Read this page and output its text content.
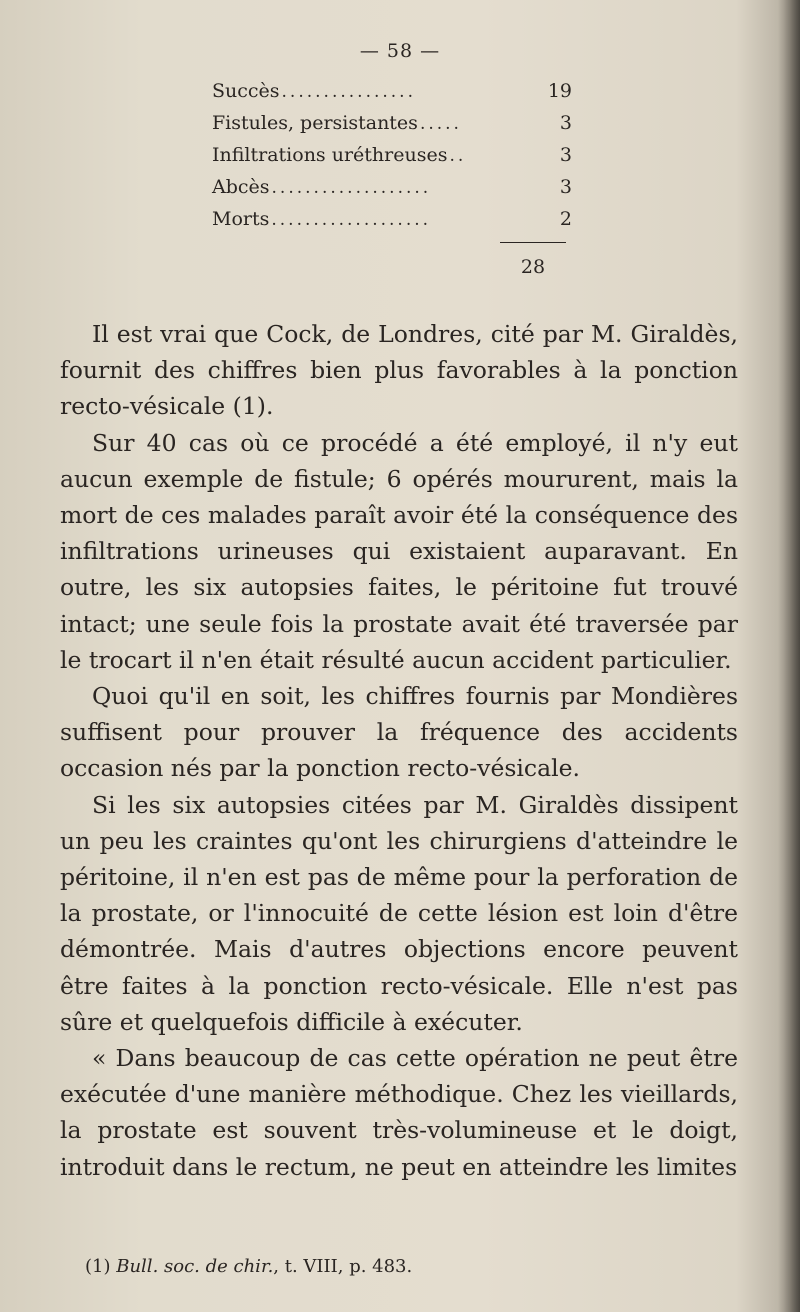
— 58 —
Succès ................	19
Fistules, persistantes .....	3
Infiltrations uréthreuses ..	3
Abcès ...................	3
Morts ...................	2
28

Il est vrai que Cock, de Londres, cité par M. Giraldès, fournit des chiffres bien plus favorables à la ponction recto-vésicale (1).

Sur 40 cas où ce procédé a été employé, il n'y eut aucun exemple de fistule; 6 opérés moururent, mais la mort de ces malades paraît avoir été la conséquence des infiltrations urineuses qui existaient auparavant. En outre, les six autopsies faites, le péritoine fut trouvé intact; une seule fois la prostate avait été traversée par le trocart il n'en était résulté aucun accident particulier.

Quoi qu'il en soit, les chiffres fournis par Mondières suffisent pour prouver la fréquence des accidents occasion nés par la ponction recto-vésicale.

Si les six autopsies citées par M. Giraldès dissipent un peu les craintes qu'ont les chirurgiens d'atteindre le péritoine, il n'en est pas de même pour la perforation de la prostate, or l'innocuité de cette lésion est loin d'être démontrée. Mais d'autres objections encore peuvent être faites à la ponction recto-vésicale. Elle n'est pas sûre et quelquefois difficile à exécuter.

« Dans beaucoup de cas cette opération ne peut être exécutée d'une manière méthodique. Chez les vieillards, la prostate est souvent très-volumineuse et le doigt, introduit dans le rectum, ne peut en atteindre les limites

(1) Bull. soc. de chir., t. VIII, p. 483.
